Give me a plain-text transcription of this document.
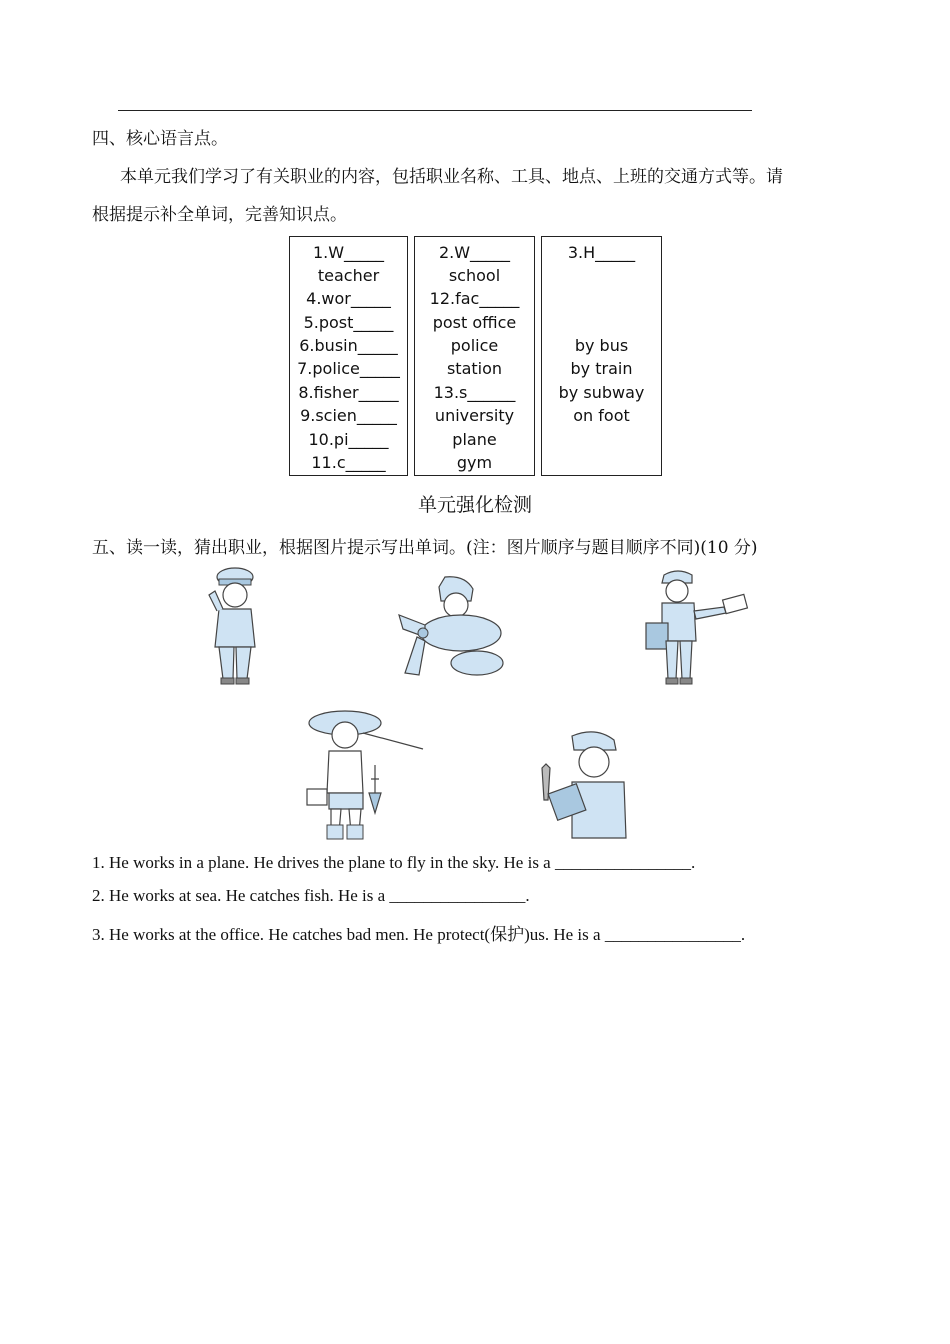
四、核心语言点。
本单元我们学习了有关职业的内容，包括职业名称、工具、地点、上班的交通方式等。请
根据提示补全单词，完善知识点。
1.W_____
teacher
4.wor_____
5.post_____
6.busin_____
7.police_____
8.fisher_____
9.scien_____
10.pi_____
11.c_____
2.W_____
school
12.fac_____
post office
police
station
13.s______
university
plane
gym
3.H_____
by bus
by train
by subway
on foot
单元强化检测
五、读一读，猜出职业，根据图片提示写出单词。(注：图片顺序与题目顺序不同)(10 分)
1. He works in a plane. He drives the plane to fly in the sky. He is a ________________.
2. He works at sea. He catches fish. He is a ________________.
3. He works at the office. He catches bad men. He protect(保护)us. He is a ________________.
